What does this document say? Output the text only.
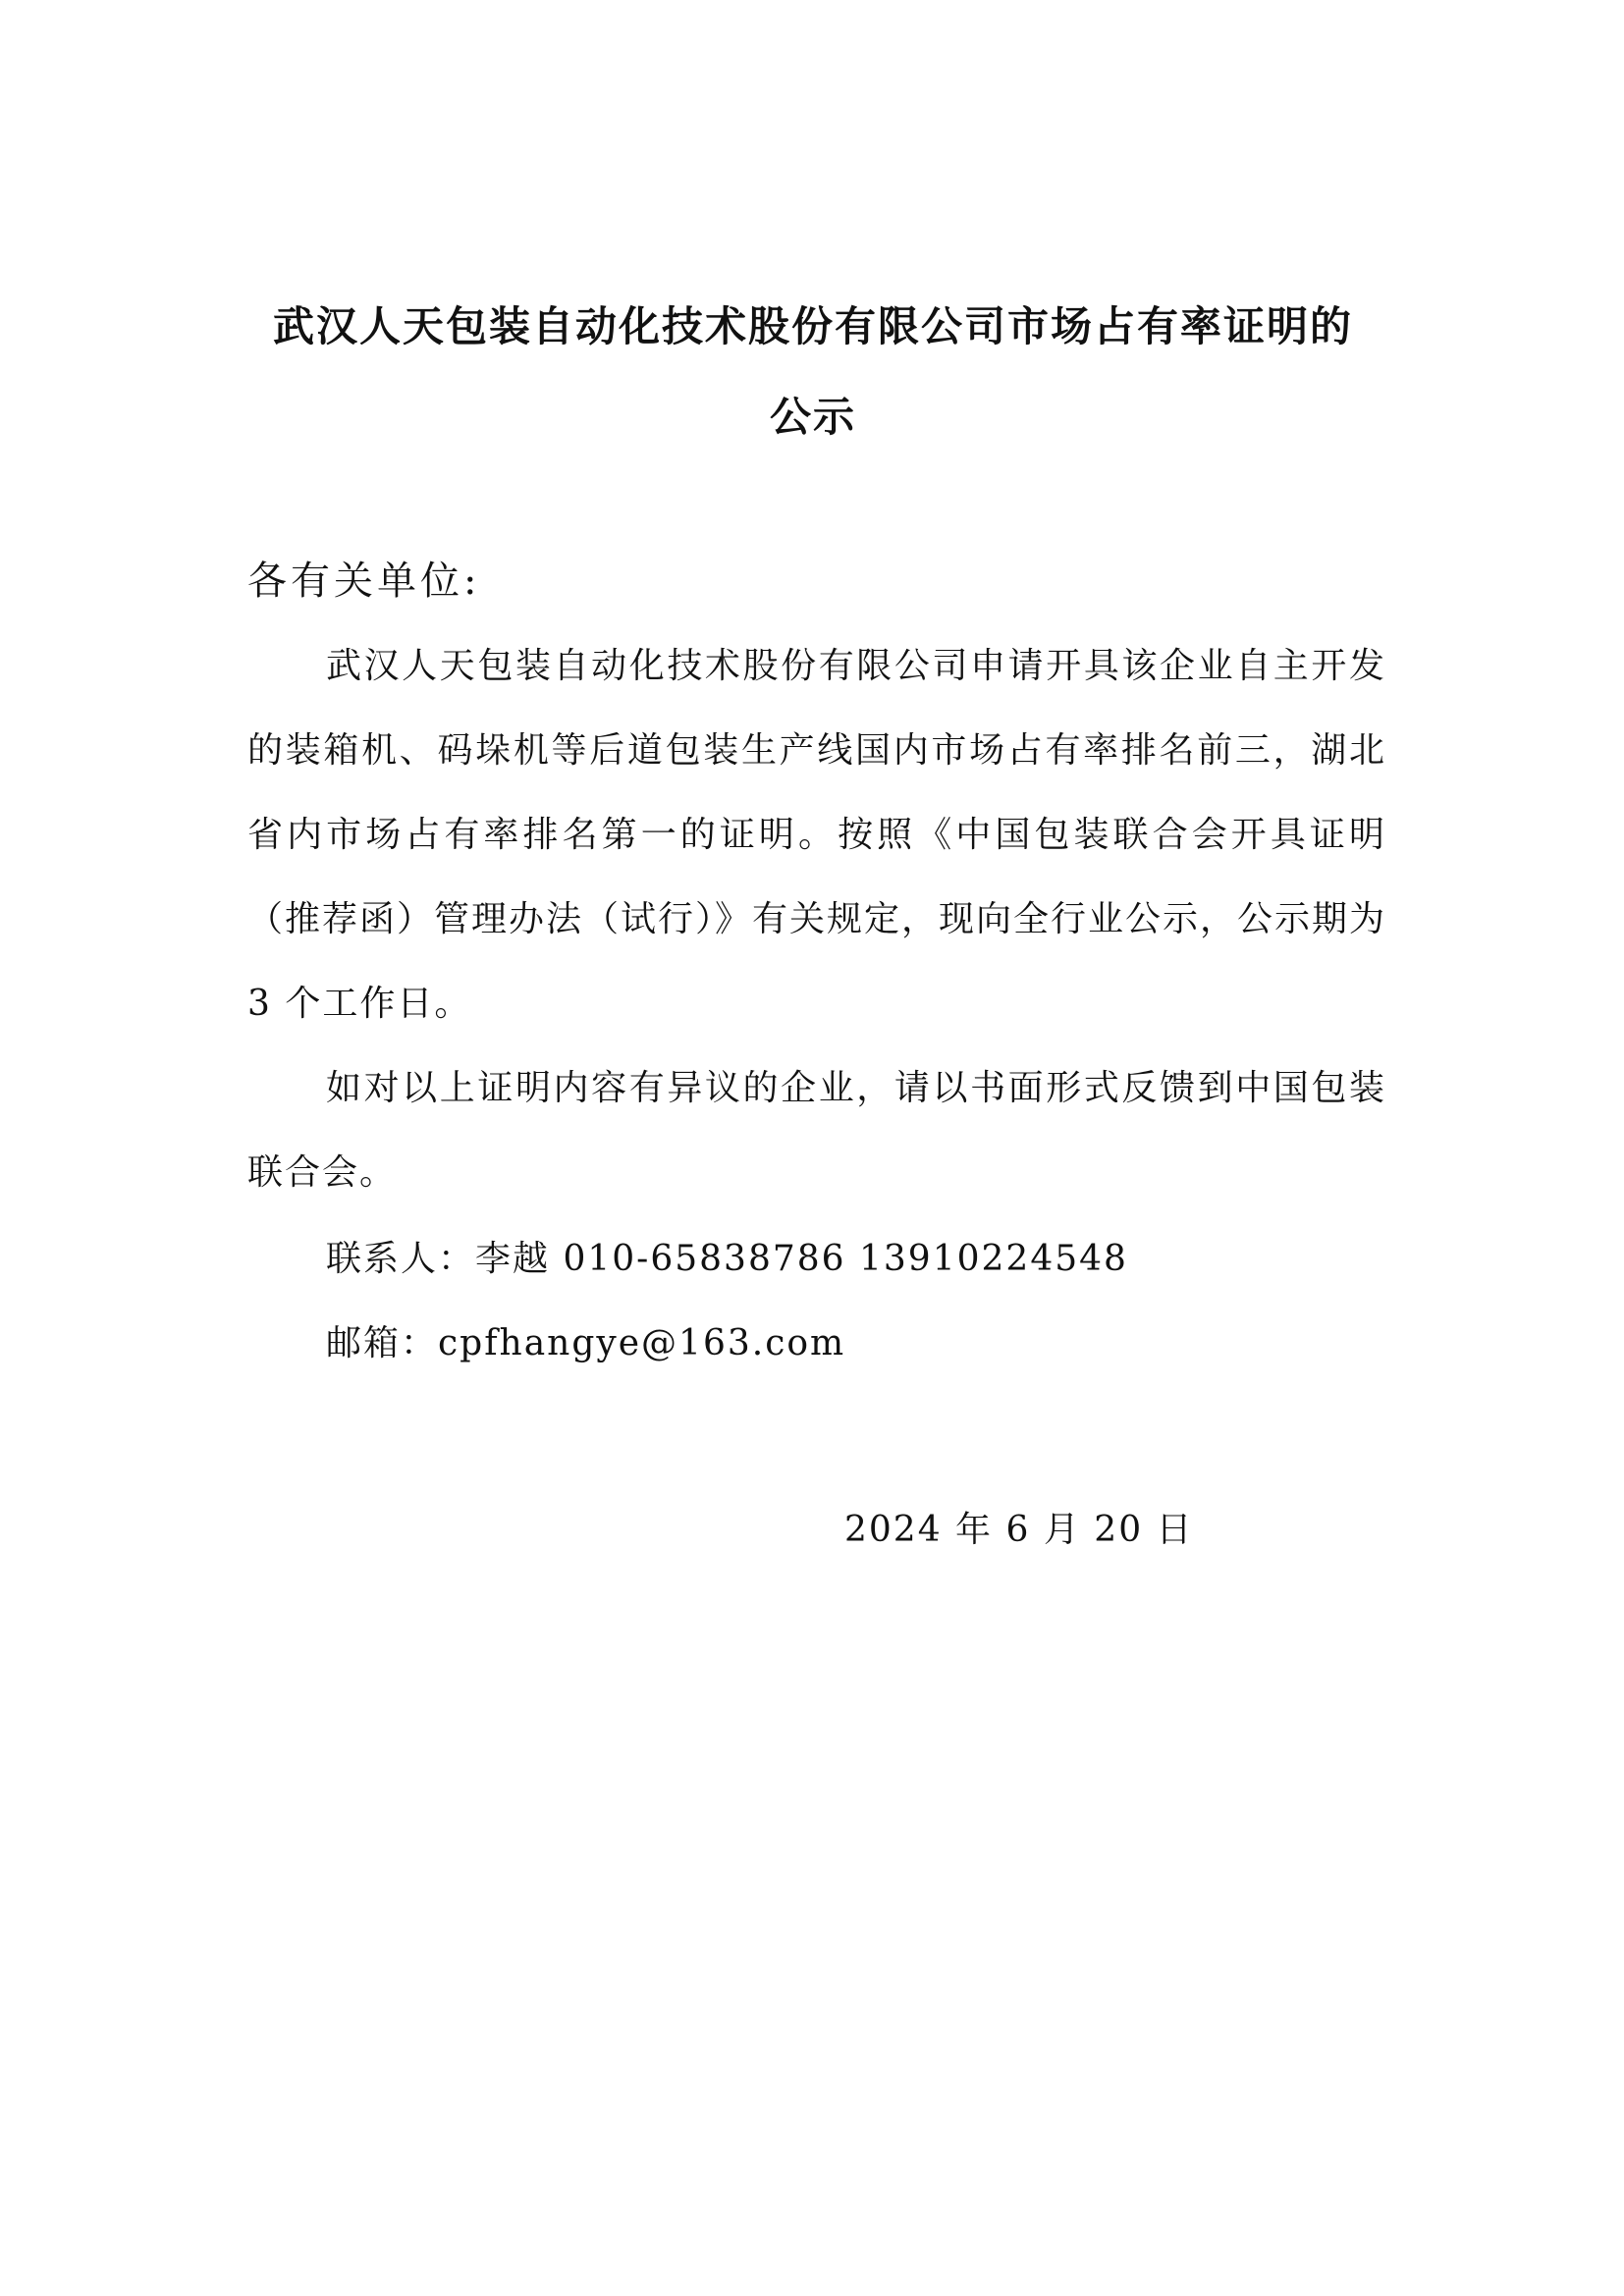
武汉人天包装自动化技术股份有限公司市场占有率证明的
公示

各有关单位:

武汉人天包装自动化技术股份有限公司申请开具该企业自主开发的装箱机、码垛机等后道包装生产线国内市场占有率排名前三，湖北省内市场占有率排名第一的证明。按照《中国包装联合会开具证明（推荐函）管理办法（试行）》有关规定，现向全行业公示，公示期为 3 个工作日。

如对以上证明内容有异议的企业，请以书面形式反馈到中国包装联合会。

联系人：李越 010-65838786 13910224548

邮箱：cpfhangye@163.com

2024 年 6 月 20 日
